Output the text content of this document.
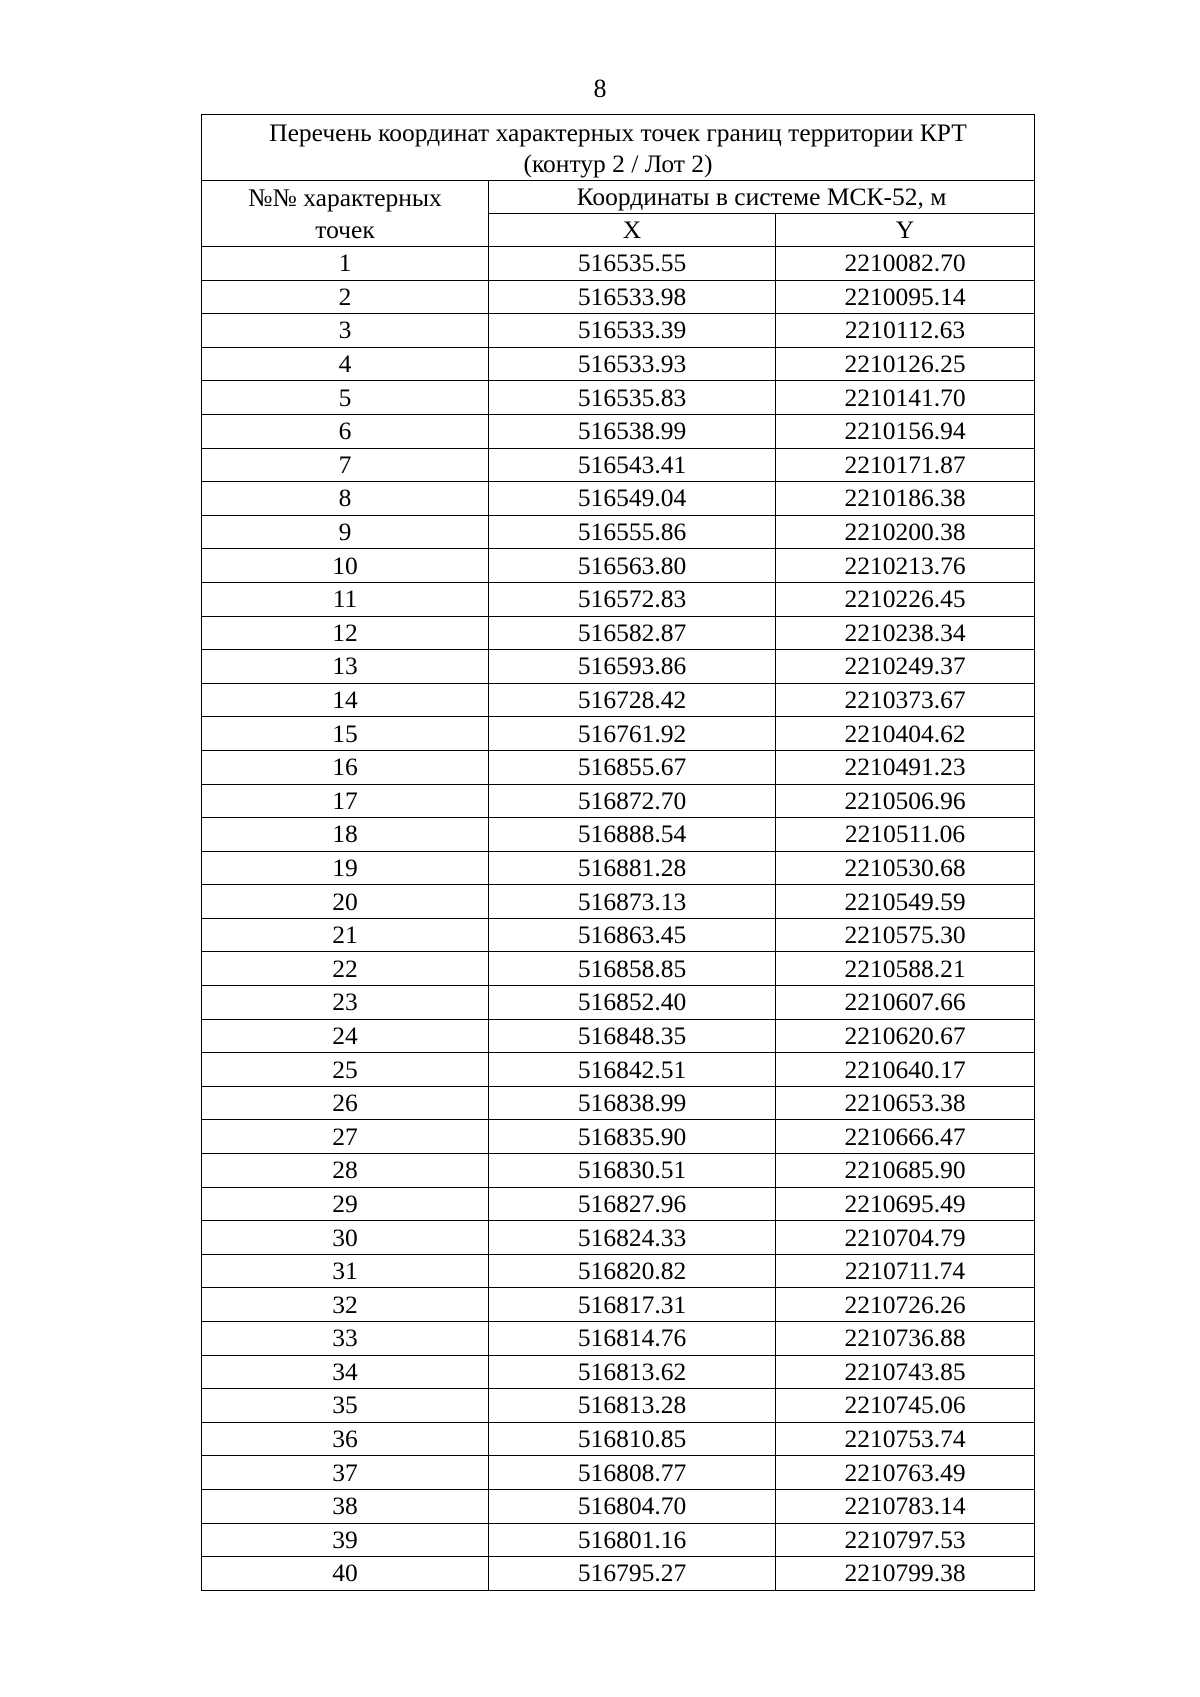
8
Перечень координат характерных точек границ территории КРТ
(контур 2 / Лот 2)		

№№ характерных
точек	Координаты в системе МСК-52, м	
	X	Y
1	516535.55	2210082.70
2	516533.98	2210095.14
3	516533.39	2210112.63
4	516533.93	2210126.25
5	516535.83	2210141.70
6	516538.99	2210156.94
7	516543.41	2210171.87
8	516549.04	2210186.38
9	516555.86	2210200.38
10	516563.80	2210213.76
11	516572.83	2210226.45
12	516582.87	2210238.34
13	516593.86	2210249.37
14	516728.42	2210373.67
15	516761.92	2210404.62
16	516855.67	2210491.23
17	516872.70	2210506.96
18	516888.54	2210511.06
19	516881.28	2210530.68
20	516873.13	2210549.59
21	516863.45	2210575.30
22	516858.85	2210588.21
23	516852.40	2210607.66
24	516848.35	2210620.67
25	516842.51	2210640.17
26	516838.99	2210653.38
27	516835.90	2210666.47
28	516830.51	2210685.90
29	516827.96	2210695.49
30	516824.33	2210704.79
31	516820.82	2210711.74
32	516817.31	2210726.26
33	516814.76	2210736.88
34	516813.62	2210743.85
35	516813.28	2210745.06
36	516810.85	2210753.74
37	516808.77	2210763.49
38	516804.70	2210783.14
39	516801.16	2210797.53
40	516795.27	2210799.38
